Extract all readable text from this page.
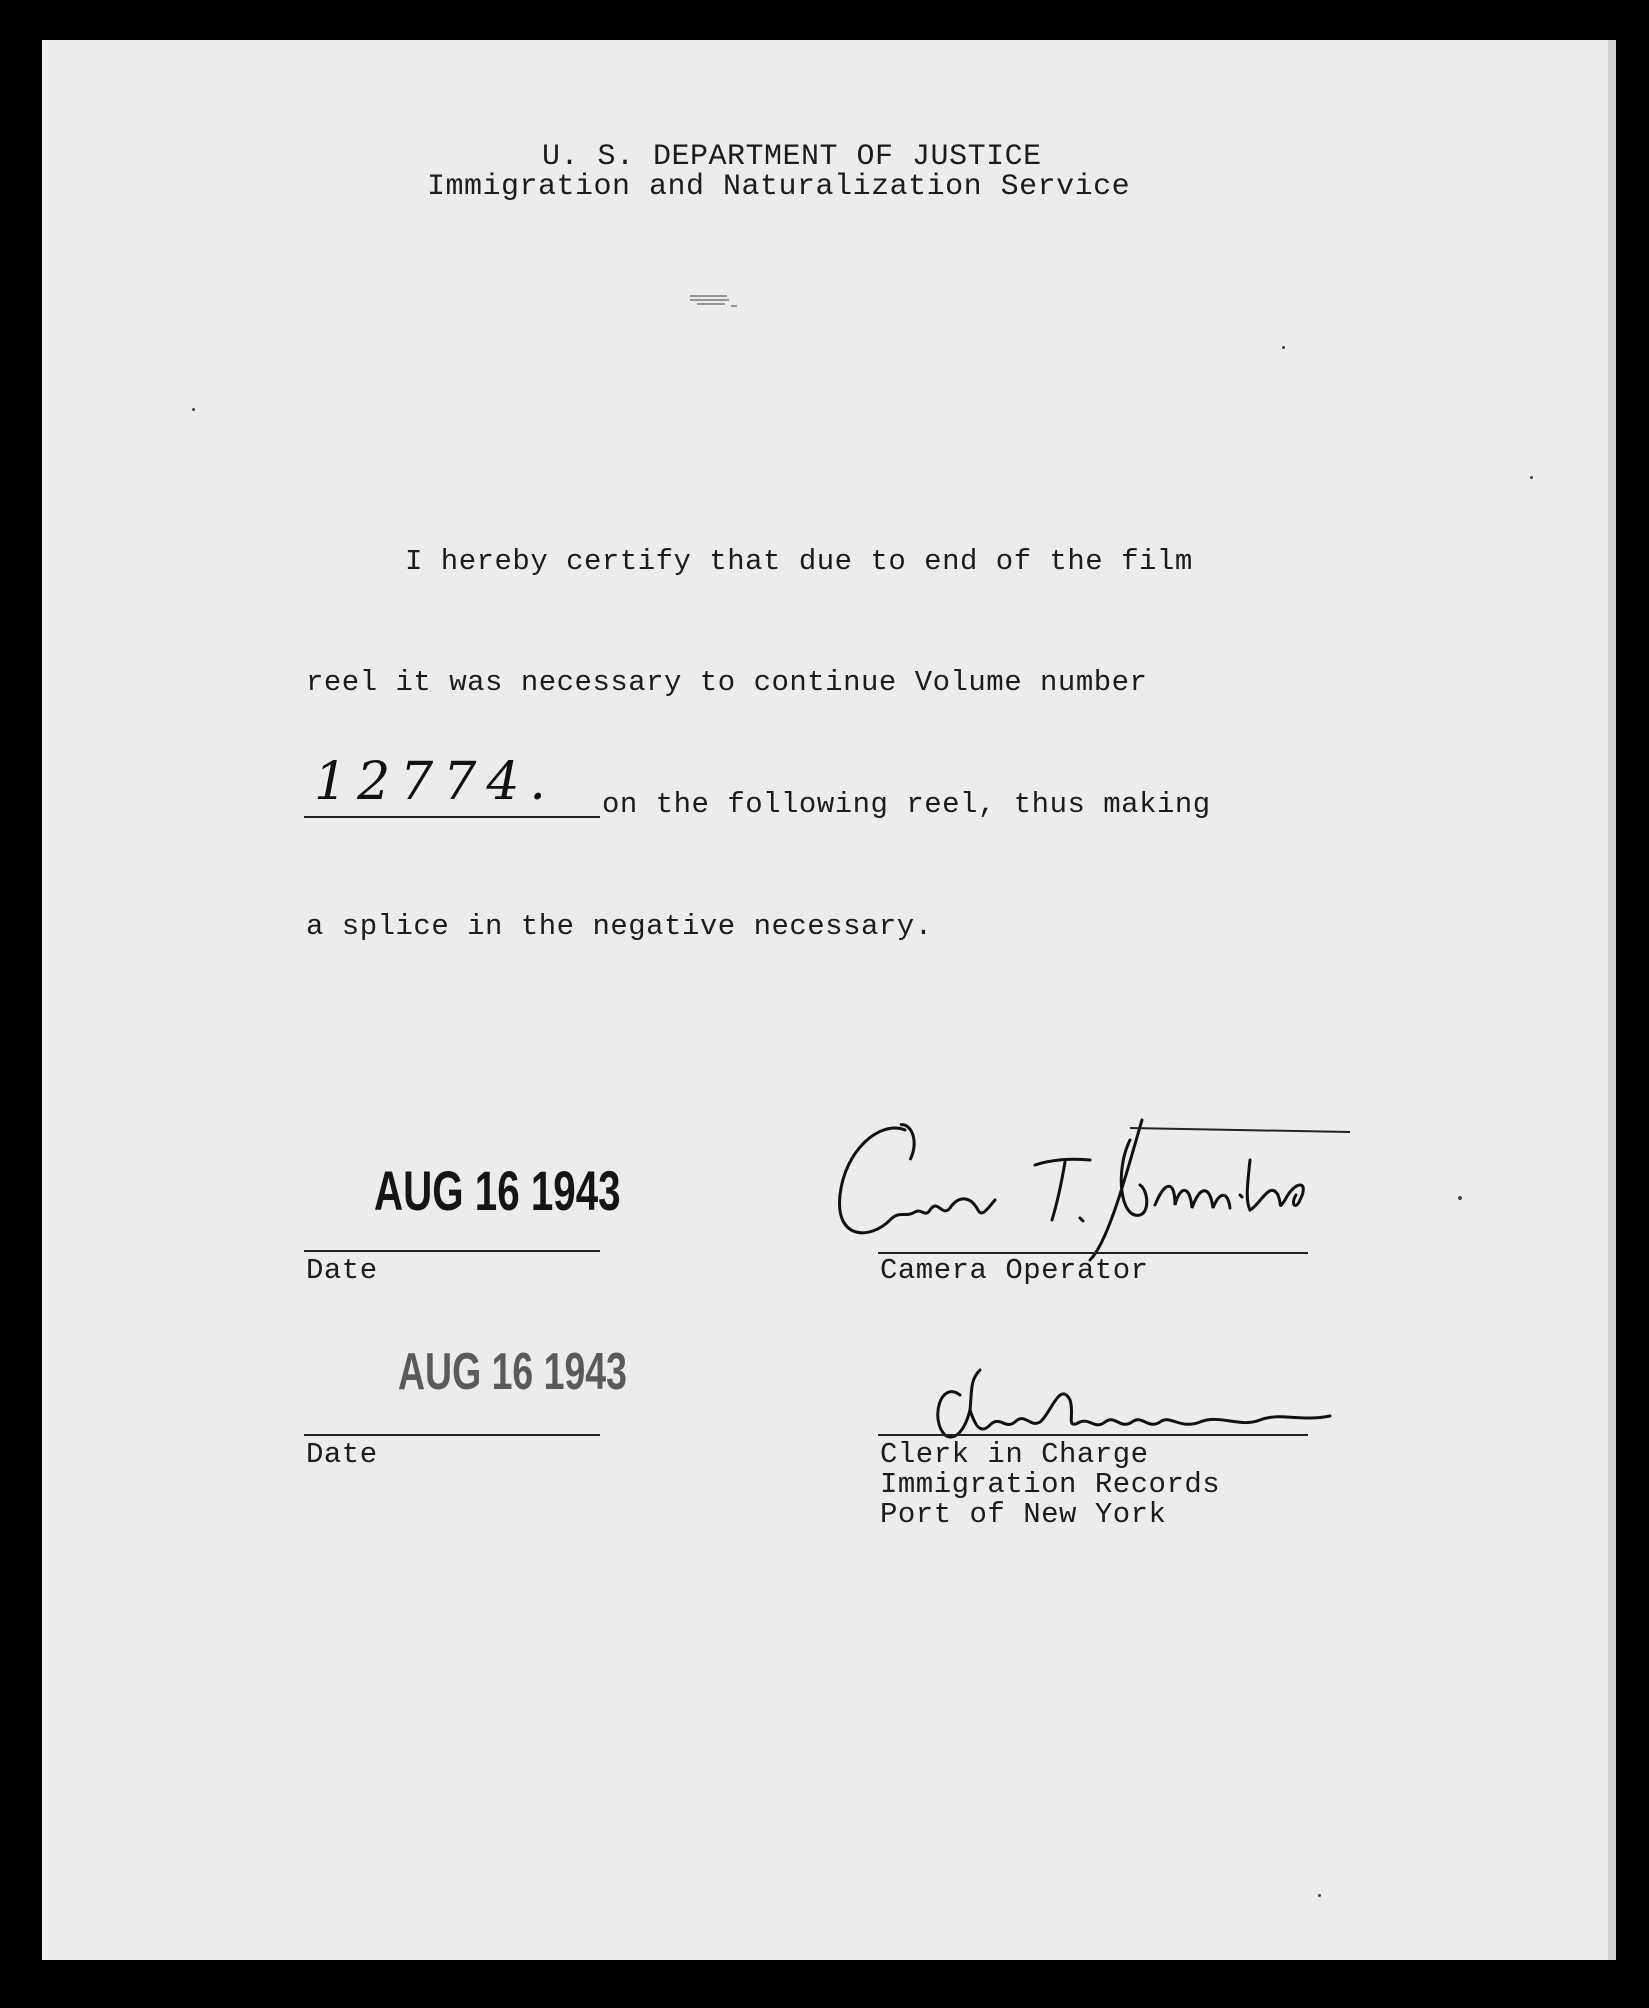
U. S. DEPARTMENT OF JUSTICE
Immigration and Naturalization Service
I hereby certify that due to end of the film
reel it was necessary to continue Volume number
12774. on the following reel, thus making
a splice in the negative necessary.
AUG 16 1943
Date	Camera Operator
AUG 16 1943
Date	Clerk in Charge
Immigration Records
Port of New York
